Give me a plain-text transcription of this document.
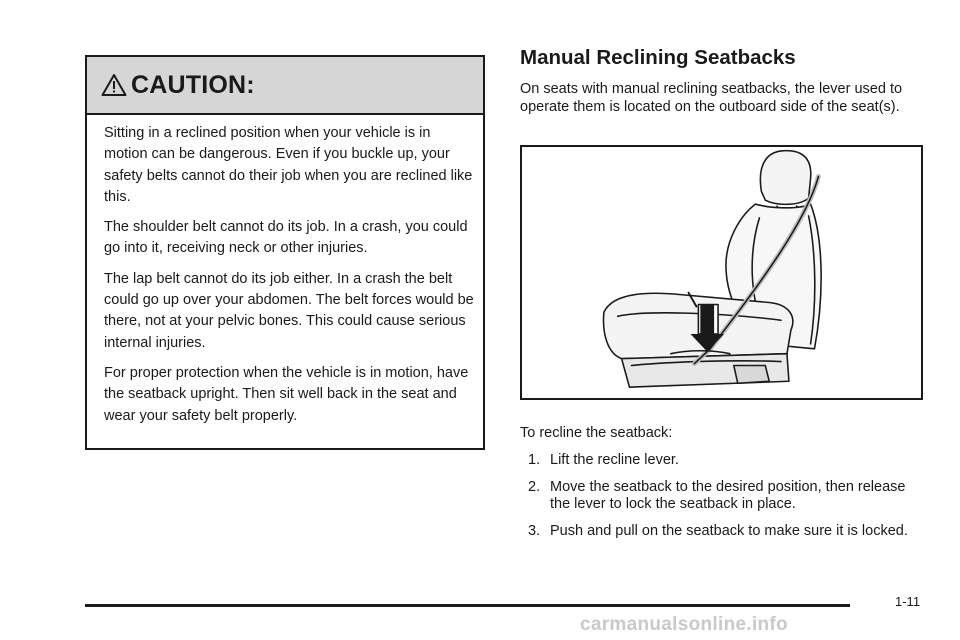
CAUTION:

Sitting in a reclined position when your vehicle is in motion can be dangerous. Even if you buckle up, your safety belts cannot do their job when you are reclined like this.

The shoulder belt cannot do its job. In a crash, you could go into it, receiving neck or other injuries.

The lap belt cannot do its job either. In a crash the belt could go up over your abdomen. The belt forces would be there, not at your pelvic bones. This could cause serious internal injuries.

For proper protection when the vehicle is in motion, have the seatback upright. Then sit well back in the seat and wear your safety belt properly.

Manual Reclining Seatbacks

On seats with manual reclining seatbacks, the lever used to operate them is located on the outboard side of the seat(s).

To recline the seatback:

1. Lift the recline lever.
2. Move the seatback to the desired position, then release the lever to lock the seatback in place.
3. Push and pull on the seatback to make sure it is locked.
1-11
carmanualsonline.info
